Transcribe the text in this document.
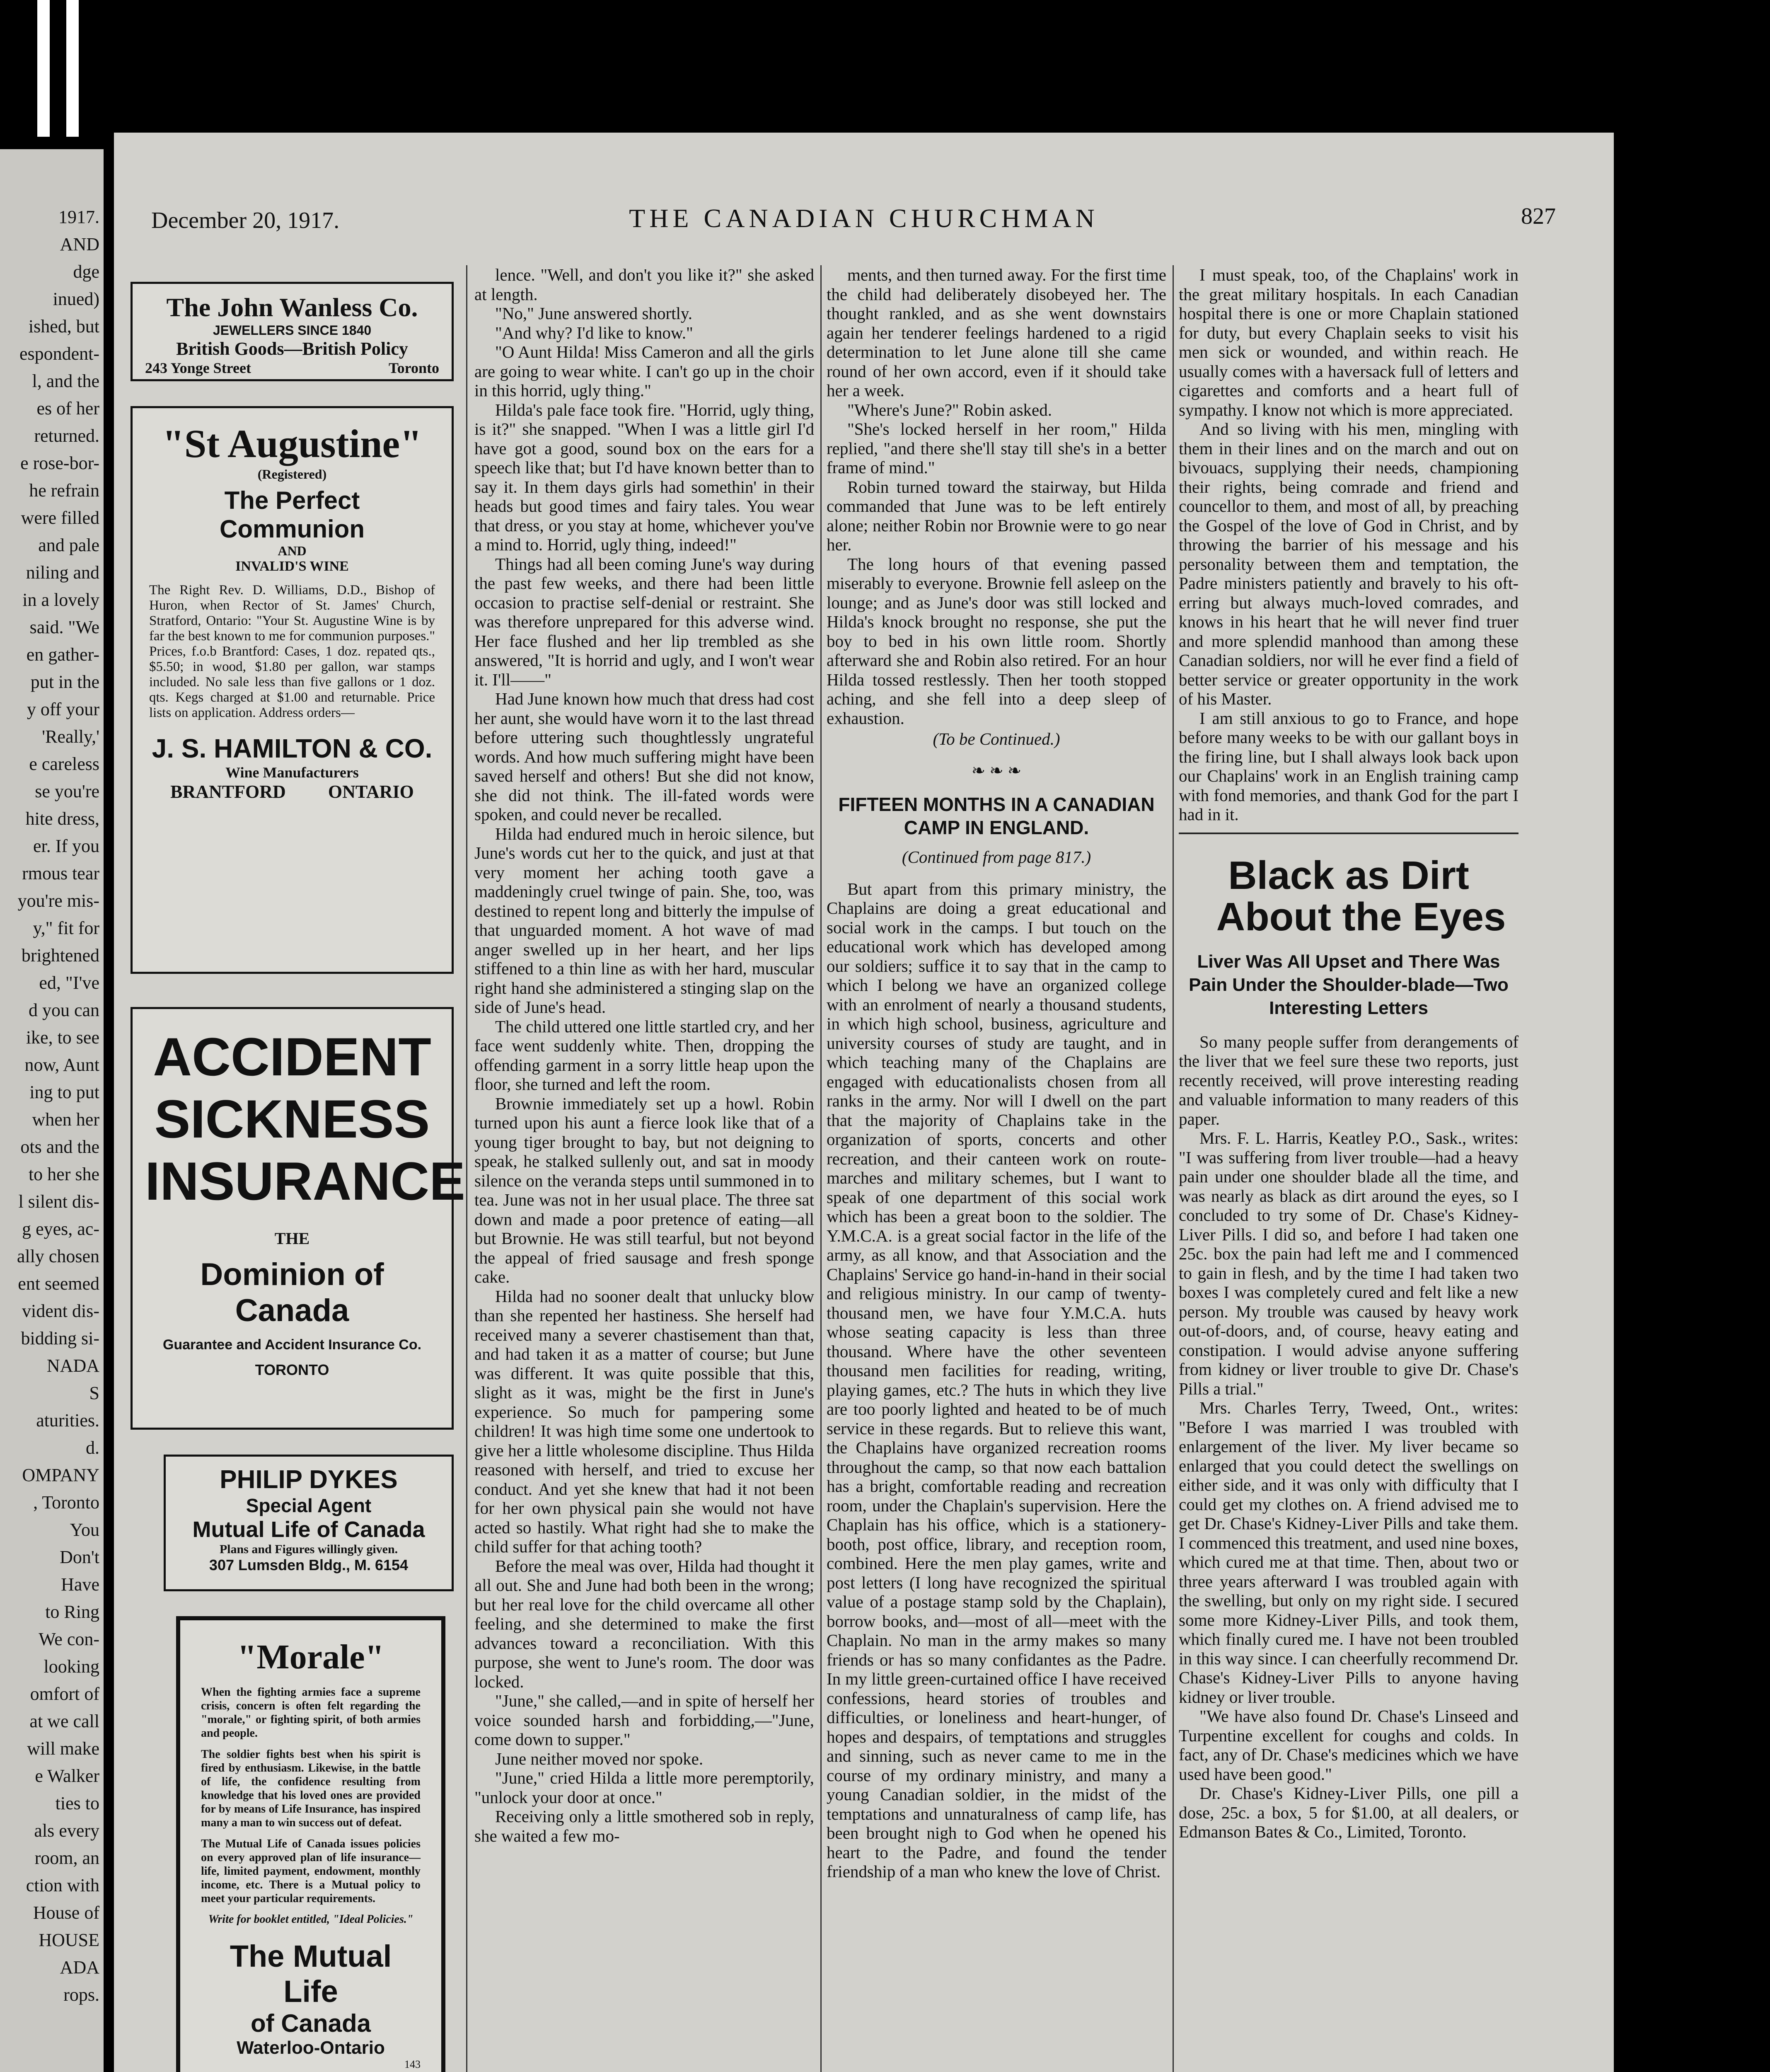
1917.
AND
dge
inued)
ished, but
espondent-
l, and the
es of her
returned.
e rose-bor-
he refrain
were filled
and pale
niling and
in a lovely
said. "We
en gather-
put in the
y off your
'Really,'
e careless
se you're
hite dress,
er. If you
rmous tear
you're mis-
y," fit for
brightened
ed, "I've
d you can
ike, to see
now, Aunt
ing to put
when her
ots and the
to her she
l silent dis-
g eyes, ac-
ally chosen
ent seemed
vident dis-
bidding si-
NADA
S
aturities.
d.
OMPANY
, Toronto
You
Don't
Have
to Ring
We con-
looking
omfort of
at we call
will make
e Walker
ties to
als every
room, an
ction with
House of
HOUSE
ADA
rops.
December 20, 1917.	THE CANADIAN CHURCHMAN	827
The John Wanless Co.
JEWELLERS SINCE 1840
British Goods—British Policy
243 Yonge Street	Toronto
"St Augustine"
(Registered)
The Perfect Communion
AND
INVALID'S WINE
The Right Rev. D. Williams, D.D., Bishop of Huron, when Rector of St. James' Church, Stratford, Ontario: "Your St. Augustine Wine is by far the best known to me for communion purposes." Prices, f.o.b Brantford: Cases, 1 doz. repated qts., $5.50; in wood, $1.80 per gallon, war stamps included. No sale less than five gallons or 1 doz. qts. Kegs charged at $1.00 and returnable. Price lists on application. Address orders—
J. S. HAMILTON & CO.
Wine Manufacturers
BRANTFORD ONTARIO
ACCIDENT
SICKNESS
INSURANCE
THE
Dominion of Canada
Guarantee and Accident Insurance Co.
TORONTO
PHILIP DYKES
Special Agent
Mutual Life of Canada
Plans and Figures willingly given.
307 Lumsden Bldg., M. 6154
"Morale"
When the fighting armies face a supreme crisis, concern is often felt regarding the "morale," or fighting spirit, of both armies and people.
The soldier fights best when his spirit is fired by enthusiasm. Likewise, in the battle of life, the confidence resulting from knowledge that his loved ones are provided for by means of Life Insurance, has inspired many a man to win success out of defeat.
The Mutual Life of Canada issues policies on every approved plan of life insurance—life, limited payment, endowment, monthly income, etc. There is a Mutual policy to meet your particular requirements.
Write for booklet entitled, "Ideal Policies."
The Mutual Life
of Canada
Waterloo-Ontario
143

lence. "Well, and don't you like it?" she asked at length.

"No," June answered shortly.

"And why? I'd like to know."

"O Aunt Hilda! Miss Cameron and all the girls are going to wear white. I can't go up in the choir in this horrid, ugly thing."

Hilda's pale face took fire. "Horrid, ugly thing, is it?" she snapped. "When I was a little girl I'd have got a good, sound box on the ears for a speech like that; but I'd have known better than to say it. In them days girls had somethin' in their heads but good times and fairy tales. You wear that dress, or you stay at home, whichever you've a mind to. Horrid, ugly thing, indeed!"

Things had all been coming June's way during the past few weeks, and there had been little occasion to practise self-denial or restraint. She was therefore unprepared for this adverse wind. Her face flushed and her lip trembled as she answered, "It is horrid and ugly, and I won't wear it. I'll——"

Had June known how much that dress had cost her aunt, she would have worn it to the last thread before uttering such thoughtlessly ungrateful words. And how much suffering might have been saved herself and others! But she did not know, she did not think. The ill-fated words were spoken, and could never be recalled.

Hilda had endured much in heroic silence, but June's words cut her to the quick, and just at that very moment her aching tooth gave a maddeningly cruel twinge of pain. She, too, was destined to repent long and bitterly the impulse of that unguarded moment. A hot wave of mad anger swelled up in her heart, and her lips stiffened to a thin line as with her hard, muscular right hand she administered a stinging slap on the side of June's head.

The child uttered one little startled cry, and her face went suddenly white. Then, dropping the offending garment in a sorry little heap upon the floor, she turned and left the room.

Brownie immediately set up a howl. Robin turned upon his aunt a fierce look like that of a young tiger brought to bay, but not deigning to speak, he stalked sullenly out, and sat in moody silence on the veranda steps until summoned in to tea. June was not in her usual place. The three sat down and made a poor pretence of eating—all but Brownie. He was still tearful, but not beyond the appeal of fried sausage and fresh sponge cake.

Hilda had no sooner dealt that unlucky blow than she repented her hastiness. She herself had received many a severer chastisement than that, and had taken it as a matter of course; but June was different. It was quite possible that this, slight as it was, might be the first in June's experience. So much for pampering some children! It was high time some one undertook to give her a little wholesome discipline. Thus Hilda reasoned with herself, and tried to excuse her conduct. And yet she knew that had it not been for her own physical pain she would not have acted so hastily. What right had she to make the child suffer for that aching tooth?

Before the meal was over, Hilda had thought it all out. She and June had both been in the wrong; but her real love for the child overcame all other feeling, and she determined to make the first advances toward a reconciliation. With this purpose, she went to June's room. The door was locked.

"June," she called,—and in spite of herself her voice sounded harsh and forbidding,—"June, come down to supper."

June neither moved nor spoke.

"June," cried Hilda a little more peremptorily, "unlock your door at once."

Receiving only a little smothered sob in reply, she waited a few mo-

ments, and then turned away. For the first time the child had deliberately disobeyed her. The thought rankled, and as she went downstairs again her tenderer feelings hardened to a rigid determination to let June alone till she came round of her own accord, even if it should take her a week.

"Where's June?" Robin asked.

"She's locked herself in her room," Hilda replied, "and there she'll stay till she's in a better frame of mind."

Robin turned toward the stairway, but Hilda commanded that June was to be left entirely alone; neither Robin nor Brownie were to go near her.

The long hours of that evening passed miserably to everyone. Brownie fell asleep on the lounge; and as June's door was still locked and Hilda's knock brought no response, she put the boy to bed in his own little room. Shortly afterward she and Robin also retired. For an hour Hilda tossed restlessly. Then her tooth stopped aching, and she fell into a deep sleep of exhaustion.

(To be Continued.)

❧ ❧ ❧
FIFTEEN MONTHS IN A CANADIAN CAMP IN ENGLAND.

(Continued from page 817.)

But apart from this primary ministry, the Chaplains are doing a great educational and social work in the camps. I but touch on the educational work which has developed among our soldiers; suffice it to say that in the camp to which I belong we have an organized college with an enrolment of nearly a thousand students, in which high school, business, agriculture and university courses of study are taught, and in which teaching many of the Chaplains are engaged with educationalists chosen from all ranks in the army. Nor will I dwell on the part that the majority of Chaplains take in the organization of sports, concerts and other recreation, and their canteen work on route-marches and military schemes, but I want to speak of one department of this social work which has been a great boon to the soldier. The Y.M.C.A. is a great social factor in the life of the army, as all know, and that Association and the Chaplains' Service go hand-in-hand in their social and religious ministry. In our camp of twenty-thousand men, we have four Y.M.C.A. huts whose seating capacity is less than three thousand. Where have the other seventeen thousand men facilities for reading, writing, playing games, etc.? The huts in which they live are too poorly lighted and heated to be of much service in these regards. But to relieve this want, the Chaplains have organized recreation rooms throughout the camp, so that now each battalion has a bright, comfortable reading and recreation room, under the Chaplain's supervision. Here the Chaplain has his office, which is a stationery-booth, post office, library, and reception room, combined. Here the men play games, write and post letters (I long have recognized the spiritual value of a postage stamp sold by the Chaplain), borrow books, and—most of all—meet with the Chaplain. No man in the army makes so many friends or has so many confidantes as the Padre. In my little green-curtained office I have received confessions, heard stories of troubles and difficulties, or loneliness and heart-hunger, of hopes and despairs, of temptations and struggles and sinning, such as never came to me in the course of my ordinary ministry, and many a young Canadian soldier, in the midst of the temptations and unnaturalness of camp life, has been brought nigh to God when he opened his heart to the Padre, and found the tender friendship of a man who knew the love of Christ.

I must speak, too, of the Chaplains' work in the great military hospitals. In each Canadian hospital there is one or more Chaplain stationed for duty, but every Chaplain seeks to visit his men sick or wounded, and within reach. He usually comes with a haversack full of letters and cigarettes and comforts and a heart full of sympathy. I know not which is more appreciated.

And so living with his men, mingling with them in their lines and on the march and out on bivouacs, supplying their needs, championing their rights, being comrade and friend and councellor to them, and most of all, by preaching the Gospel of the love of God in Christ, and by throwing the barrier of his message and his personality between them and temptation, the Padre ministers patiently and bravely to his oft-erring but always much-loved comrades, and knows in his heart that he will never find truer and more splendid manhood than among these Canadian soldiers, nor will he ever find a field of better service or greater opportunity in the work of his Master.

I am still anxious to go to France, and hope before many weeks to be with our gallant boys in the firing line, but I shall always look back upon our Chaplains' work in an English training camp with fond memories, and thank God for the part I had in it.

Black as Dirt
About the Eyes
Liver Was All Upset and There Was Pain Under the Shoulder-blade—Two Interesting Letters

So many people suffer from derangements of the liver that we feel sure these two reports, just recently received, will prove interesting reading and valuable information to many readers of this paper.

Mrs. F. L. Harris, Keatley P.O., Sask., writes: "I was suffering from liver trouble—had a heavy pain under one shoulder blade all the time, and was nearly as black as dirt around the eyes, so I concluded to try some of Dr. Chase's Kidney-Liver Pills. I did so, and before I had taken one 25c. box the pain had left me and I commenced to gain in flesh, and by the time I had taken two boxes I was completely cured and felt like a new person. My trouble was caused by heavy work out-of-doors, and, of course, heavy eating and constipation. I would advise anyone suffering from kidney or liver trouble to give Dr. Chase's Pills a trial."

Mrs. Charles Terry, Tweed, Ont., writes: "Before I was married I was troubled with enlargement of the liver. My liver became so enlarged that you could detect the swellings on either side, and it was only with difficulty that I could get my clothes on. A friend advised me to get Dr. Chase's Kidney-Liver Pills and take them. I commenced this treatment, and used nine boxes, which cured me at that time. Then, about two or three years afterward I was troubled again with the swelling, but only on my right side. I secured some more Kidney-Liver Pills, and took them, which finally cured me. I have not been troubled in this way since. I can cheerfully recommend Dr. Chase's Kidney-Liver Pills to anyone having kidney or liver trouble.

"We have also found Dr. Chase's Linseed and Turpentine excellent for coughs and colds. In fact, any of Dr. Chase's medicines which we have used have been good."

Dr. Chase's Kidney-Liver Pills, one pill a dose, 25c. a box, 5 for $1.00, at all dealers, or Edmanson Bates & Co., Limited, Toronto.
